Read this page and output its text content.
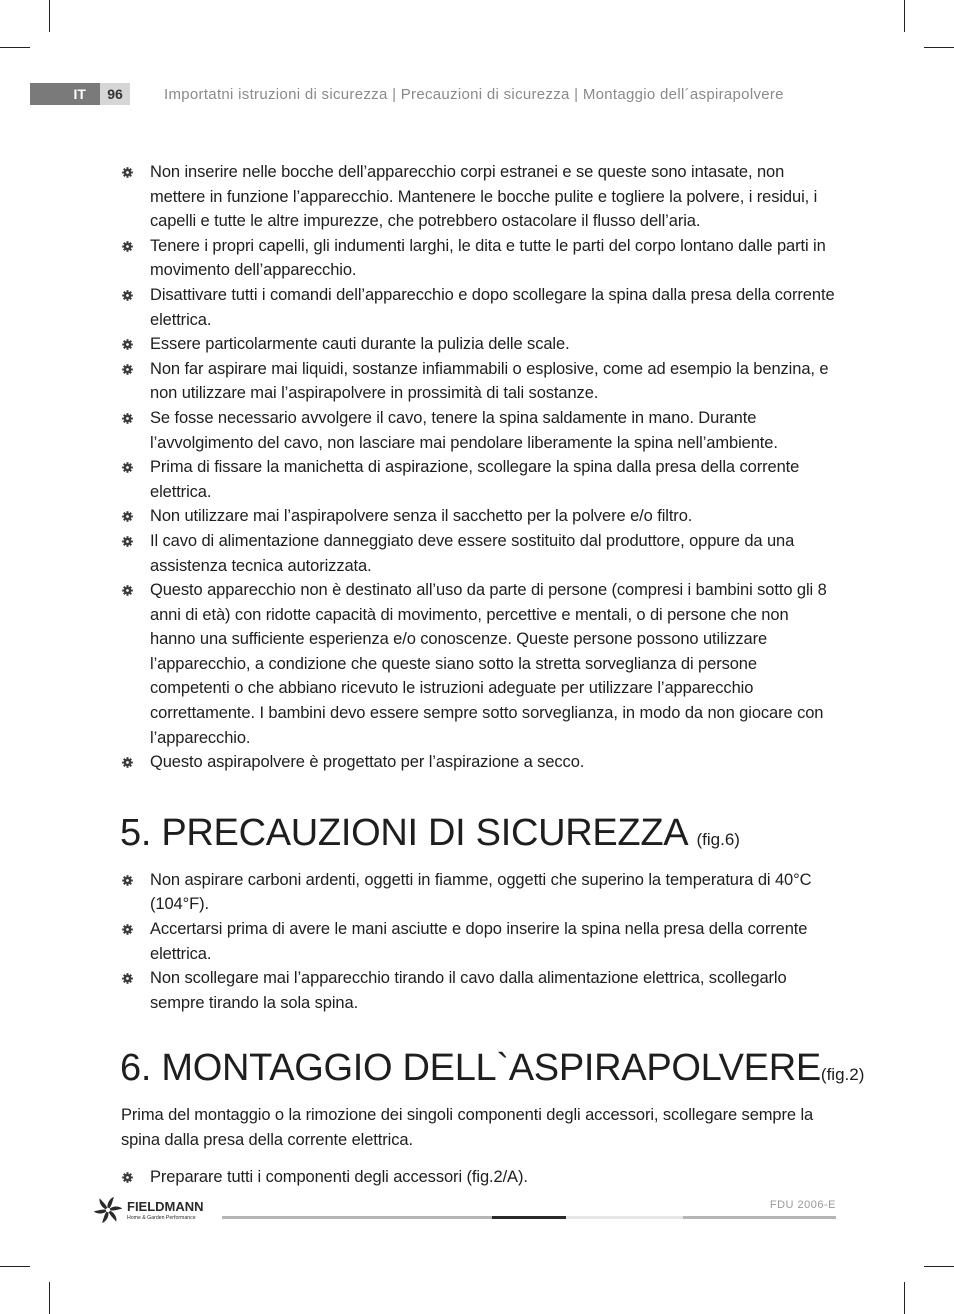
IT	96	Importatni istruzioni di sicurezza | Precauzioni di sicurezza | Montaggio dell´aspirapolvere
Non inserire nelle bocche dell’apparecchio corpi estranei e se queste sono intasate, non mettere in funzione l’apparecchio. Mantenere le bocche pulite e togliere la polvere, i residui, i capelli e tutte le altre impurezze, che potrebbero ostacolare il flusso dell’aria.
Tenere i propri capelli, gli indumenti larghi, le dita e tutte le parti del corpo lontano dalle parti in movimento dell’apparecchio.
Disattivare tutti i comandi dell’apparecchio e dopo scollegare la spina dalla presa della corrente elettrica.
Essere particolarmente cauti durante la pulizia delle scale.
Non far aspirare mai liquidi, sostanze infiammabili o esplosive, come ad esempio la benzina, e non utilizzare mai l’aspirapolvere in prossimità di tali sostanze.
Se fosse necessario avvolgere il cavo, tenere la spina saldamente in mano. Durante l’avvolgimento del cavo, non lasciare mai pendolare liberamente la spina nell’ambiente.
Prima di fissare la manichetta di aspirazione, scollegare la spina dalla presa della corrente elettrica.
Non utilizzare mai l’aspirapolvere senza il sacchetto per la polvere e/o filtro.
Il cavo di alimentazione danneggiato deve essere sostituito dal produttore, oppure da una assistenza tecnica autorizzata.
Questo apparecchio non è destinato all’uso da parte di persone (compresi i bambini sotto gli 8 anni di età) con ridotte capacità di movimento, percettive e mentali, o di persone che non hanno una sufficiente esperienza e/o conoscenze. Queste persone possono utilizzare l’apparecchio, a condizione che queste siano sotto la stretta sorveglianza di persone competenti o che abbiano ricevuto le istruzioni adeguate per utilizzare l’apparecchio correttamente. I bambini devo essere sempre sotto sorveglianza, in modo da non giocare con l’apparecchio.
Questo aspirapolvere è progettato per l’aspirazione a secco.
5. PRECAUZIONI DI SICUREZZA (fig.6)
Non aspirare carboni ardenti, oggetti in fiamme, oggetti che superino la temperatura di 40°C (104°F).
Accertarsi prima di avere le mani asciutte e dopo inserire la spina nella presa della corrente elettrica.
Non scollegare mai l’apparecchio tirando il cavo dalla alimentazione elettrica, scollegarlo sempre tirando la sola spina.
6. MONTAGGIO DELL`ASPIRAPOLVERE(fig.2)

Prima del montaggio o la rimozione dei singoli componenti degli accessori, scollegare sempre la spina dalla presa della corrente elettrica.

Preparare tutti i componenti degli accessori (fig.2/A).
FIELDMANN
Home & Garden Performance
FDU 2006-E
